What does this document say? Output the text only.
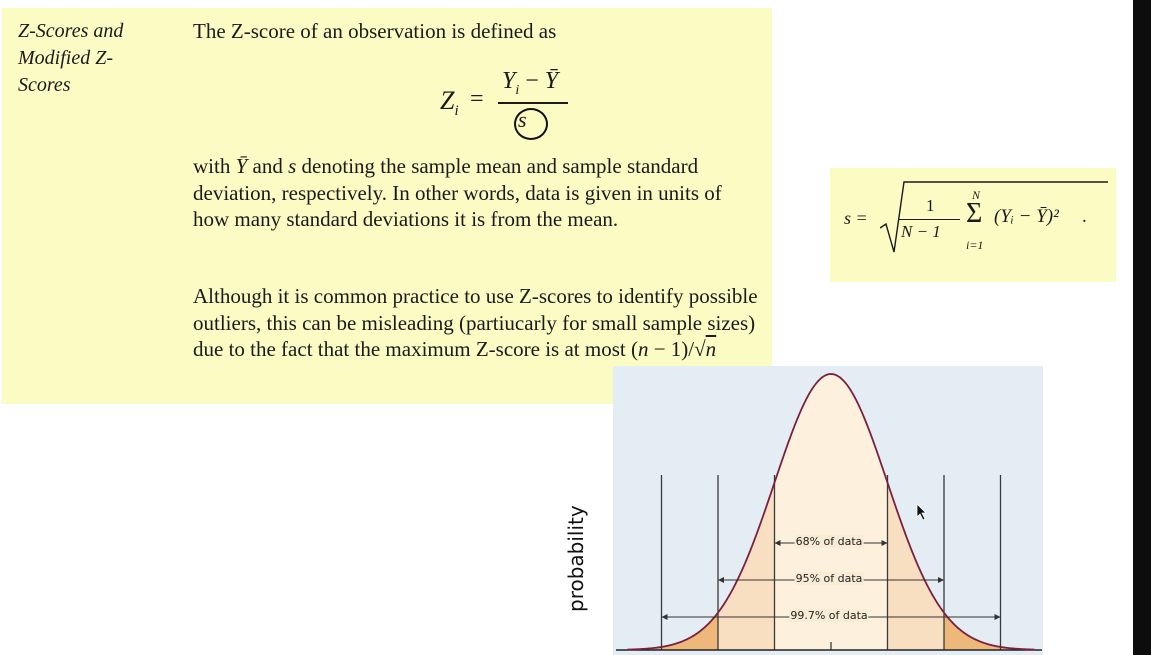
Z-Scores and Modified Z-Scores
The Z-score of an observation is defined as
$Z_i$ =
$Y_i$ − Ȳ
s
with Ȳ and s denoting the sample mean and sample standard deviation, respectively. In other words, data is given in units of how many standard deviations it is from the mean.
Although it is common practice to use Z-scores to identify possible outliers, this can be misleading (partiucarly for small sample sizes) due to the fact that the maximum Z-score is at most (n − 1)/√n
s =
1
N − 1
N
Σ
i=1
(Yᵢ − Ȳ)² .
probability	68% of data
95% of data
99.7% of data
